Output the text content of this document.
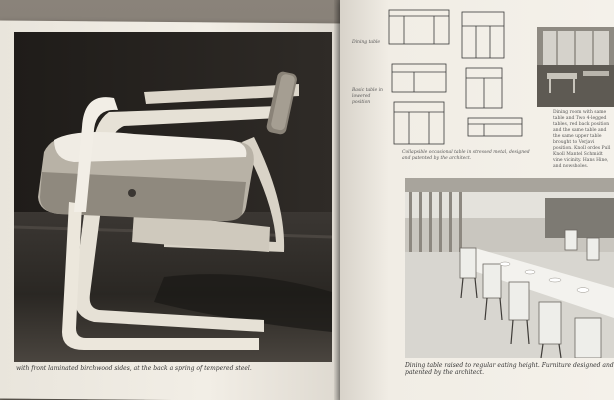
with front laminated birchwood sides, at the back a spring of tempered steel.
Dining table
Basic table in lowered position
Collapsible occasional table in stressed metal, designed and patented by the architect.
Dining room with same table and Two 4-legged tables, red back position and the same table and the same upper table brought to Verjavi position. Knoll ordes Pull Knoll Mantel Schmidt vine vicinity. Hans Hine, and nowsholes.
Dining table raised to regular eating height. Furniture designed and patented by the architect.
